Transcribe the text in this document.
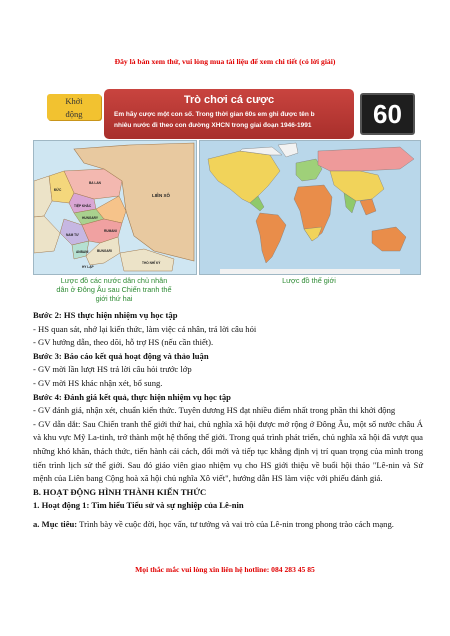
Đây là bản xem thử, vui lòng mua tài liệu để xem chi tiết (có lời giải)
Khởi
động
Trò chơi cá cược
Em hãy cược một con số. Trong thời gian 60s em ghi được tên b
nhiêu nước đi theo con đường XHCN trong giai đoạn 1946-1991	60
LIÊN XÔ
BA LAN
ĐỨC
TIỆP KHẮC
HUNGARY
RUMANI
NAM TƯ
BUNGARI
ANBANI
HY LẠP
THỔ NHĨ KỲ
Lược đồ các nước dân chủ nhân
dân ở Đông Âu sau Chiến tranh thế
giới thứ hai
Lược đồ thế giới

Bước 2: HS thực hiện nhiệm vụ học tập

- HS quan sát, nhớ lại kiến thức, làm việc cá nhân, trả lời câu hỏi

- GV hướng dẫn, theo dõi, hỗ trợ HS (nếu cần thiết).

Bước 3: Báo cáo kết quả hoạt động và thảo luận

- GV mời lần lượt HS trả lời câu hỏi trước lớp

- GV mời HS khác nhận xét, bổ sung.

Bước 4: Đánh giá kết quả, thực hiện nhiệm vụ học tập

- GV đánh giá, nhận xét, chuẩn kiến thức. Tuyên dương HS đạt nhiều điểm nhất trong phần thi khởi động

- GV dẫn dắt: Sau Chiến tranh thế giới thứ hai, chủ nghĩa xã hội được mở rộng ở Đông Âu, một số nước châu Á và khu vực Mỹ La-tinh, trở thành một hệ thống thế giới. Trong quá trình phát triển, chủ nghĩa xã hội đã vượt qua những khó khăn, thách thức, tiến hành cải cách, đổi mới và tiếp tục khẳng định vị trí quan trọng của mình trong tiến trình lịch sử thế giới. Sau đó giáo viên giao nhiệm vụ cho HS giới thiệu về buổi hội thảo "Lê-nin và Sứ mệnh của Liên bang Cộng hoà xã hội chủ nghĩa Xô viết", hướng dẫn HS làm việc với phiếu đánh giá.

B. HOẠT ĐỘNG HÌNH THÀNH KIẾN THỨC

1. Hoạt động 1: Tìm hiểu Tiểu sử và sự nghiệp của Lê-nin

a. Mục tiêu: Trình bày về cuộc đời, học vấn, tư tưởng và vai trò của Lê-nin trong phong trào cách mạng.

Mọi thắc mắc vui lòng xin liên hệ hotline: 084 283 45 85
